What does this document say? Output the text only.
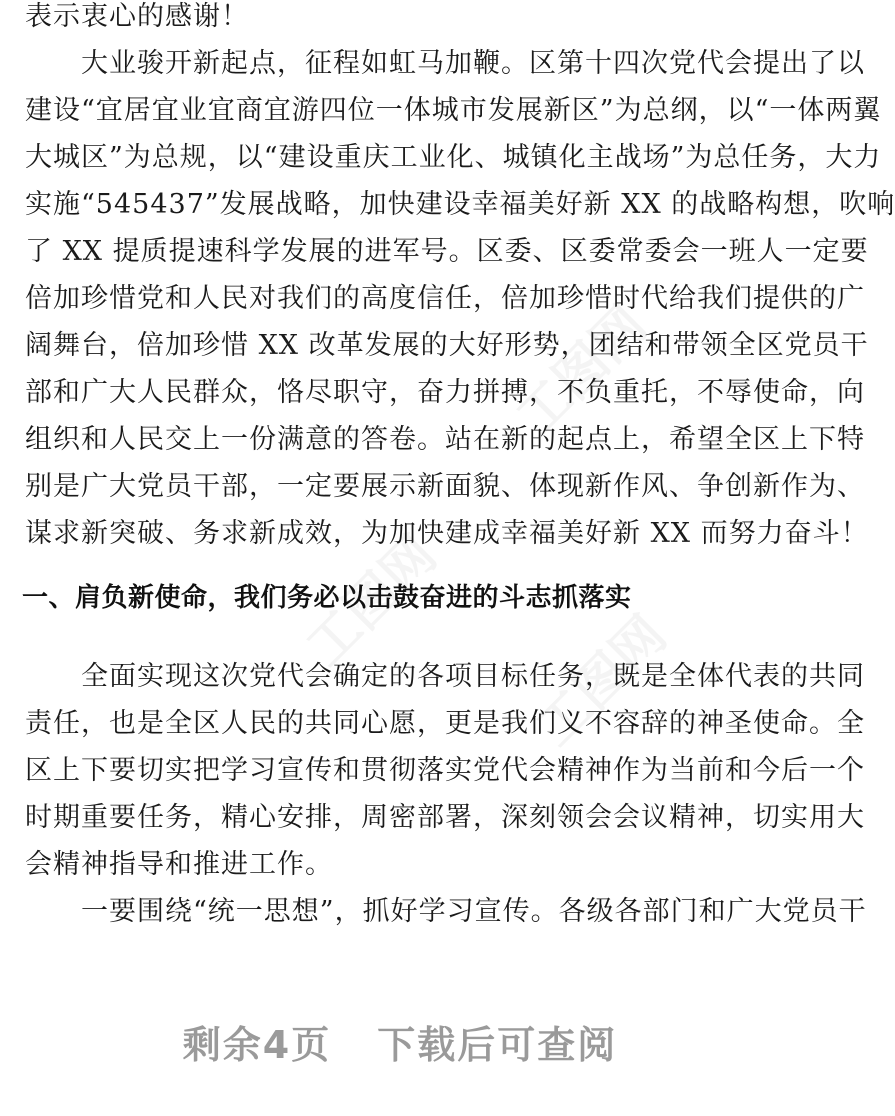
工图网
工图网
工图网
表示衷心的感谢！
　　大业骏开新起点，征程如虹马加鞭。区第十四次党代会提出了以
建设“宜居宜业宜商宜游四位一体城市发展新区”为总纲，以“一体两翼
大城区”为总规，以“建设重庆工业化、城镇化主战场”为总任务，大力
实施“545437”发展战略，加快建设幸福美好新 XX 的战略构想，吹响
了 XX 提质提速科学发展的进军号。区委、区委常委会一班人一定要
倍加珍惜党和人民对我们的高度信任，倍加珍惜时代给我们提供的广
阔舞台，倍加珍惜 XX 改革发展的大好形势，团结和带领全区党员干
部和广大人民群众，恪尽职守，奋力拼搏，不负重托，不辱使命，向
组织和人民交上一份满意的答卷。站在新的起点上，希望全区上下特
别是广大党员干部，一定要展示新面貌、体现新作风、争创新作为、
谋求新突破、务求新成效，为加快建成幸福美好新 XX 而努力奋斗！
一、肩负新使命，我们务必以击鼓奋进的斗志抓落实
　　全面实现这次党代会确定的各项目标任务，既是全体代表的共同
责任，也是全区人民的共同心愿，更是我们义不容辞的神圣使命。全
区上下要切实把学习宣传和贯彻落实党代会精神作为当前和今后一个
时期重要任务，精心安排，周密部署，深刻领会会议精神，切实用大
会精神指导和推进工作。
　　一要围绕“统一思想”，抓好学习宣传。各级各部门和广大党员干
剩余4页 下载后可查阅
